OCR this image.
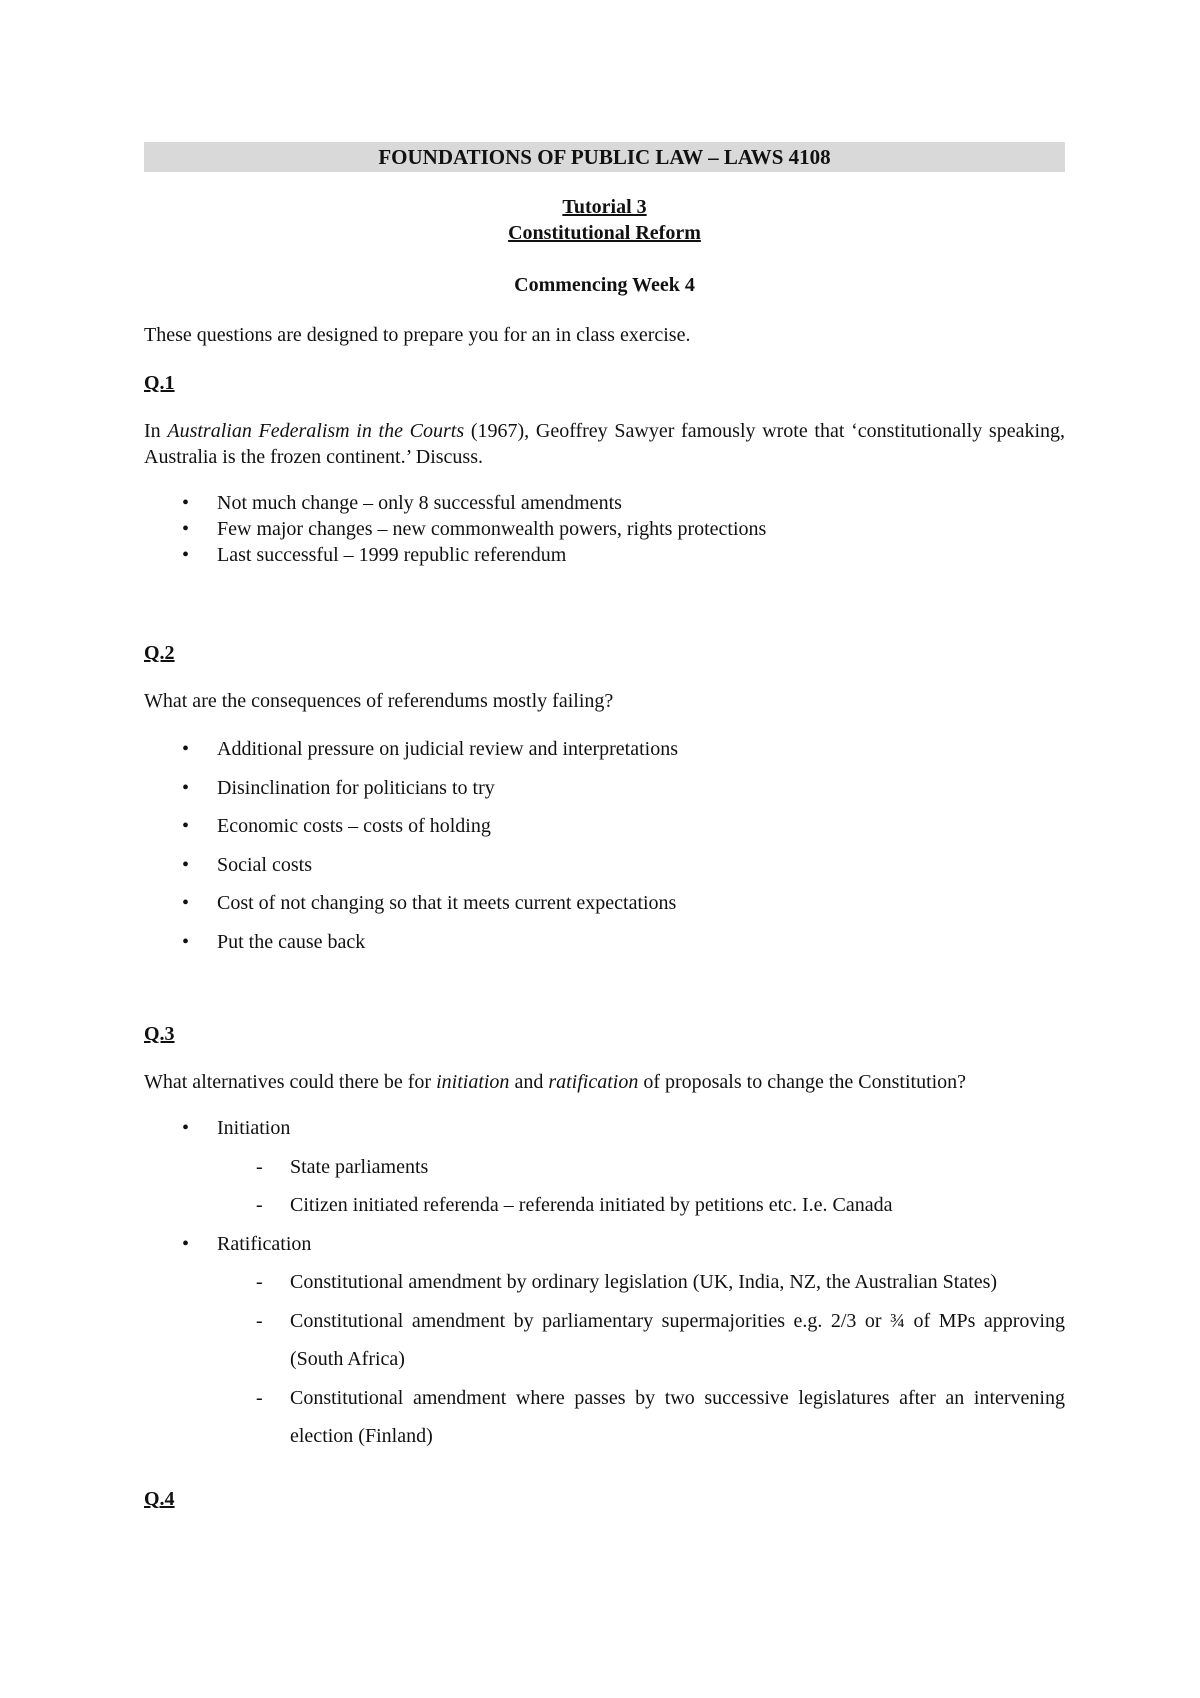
FOUNDATIONS OF PUBLIC LAW – LAWS 4108

Tutorial 3

Constitutional Reform

Commencing Week 4

These questions are designed to prepare you for an in class exercise.

Q.1

In Australian Federalism in the Courts (1967), Geoffrey Sawyer famously wrote that ‘constitutionally speaking, Australia is the frozen continent.’ Discuss.

• Not much change – only 8 successful amendments
• Few major changes – new commonwealth powers, rights protections
• Last successful – 1999 republic referendum

Q.2

What are the consequences of referendums mostly failing?

• Additional pressure on judicial review and interpretations
• Disinclination for politicians to try
• Economic costs – costs of holding
• Social costs
• Cost of not changing so that it meets current expectations
• Put the cause back

Q.3

What alternatives could there be for initiation and ratification of proposals to change the Constitution?

• Initiation
- State parliaments
- Citizen initiated referenda – referenda initiated by petitions etc. I.e. Canada
• Ratification
- Constitutional amendment by ordinary legislation (UK, India, NZ, the Australian States)
- Constitutional amendment by parliamentary supermajorities e.g. 2/3 or ¾ of MPs approving (South Africa)
- Constitutional amendment where passes by two successive legislatures after an intervening election (Finland)

Q.4
